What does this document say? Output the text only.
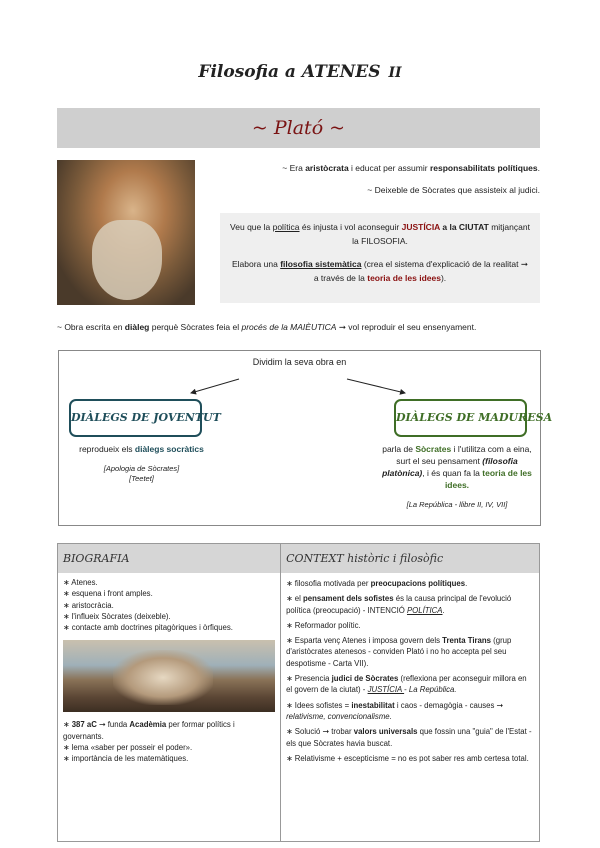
Filosofia a ATENES II
~ Plató ~
~ Era aristòcrata i educat per assumir responsabilitats polítiques.
~ Deixeble de Sòcrates que assisteix al judici.

Veu que la política és injusta i vol aconseguir JUSTÍCIA a la CIUTAT mitjançant la FILOSOFIA.

Elabora una filosofia sistemàtica (crea el sistema d'explicació de la realitat ➞ a través de la teoria de les idees).

~ Obra escrita en diàleg perquè Sòcrates feia el procés de la MAIÈUTICA ➞ vol reproduir el seu ensenyament.
Dividim la seva obra en
DIÀLEGS DE JOVENTUT	DIÀLEGS DE MADURESA
reprodueix els diàlegs socràtics
[Apologia de Sòcrates]
[Teetet]
parla de Sòcrates i l'utilitza com a eina, surt el seu pensament (filosofia platònica), i és quan fa la teoria de les idees.
[La República - llibre II, IV, VII]
BIOGRAFIA
∗ Atenes.
∗ esquena i front amples.
∗ aristocràcia.
∗ l'influeix Sòcrates (deixeble).
∗ contacte amb doctrines pitagòriques i òrfiques.
∗ 387 aC ➞ funda Acadèmia per formar polítics i governants.
∗ lema «saber per posseir el poder».
∗ importància de les matemàtiques.
CONTEXT històric i filosòfic
∗ filosofia motivada per preocupacions polítiques.
∗ el pensament dels sofistes és la causa principal de l'evolució política (preocupació) - INTENCIÓ POLÍTICA.
∗ Reformador polític.
∗ Esparta venç Atenes i imposa govern dels Trenta Tirans (grup d'aristòcrates atenesos - conviden Plató i no ho accepta pel seu despotisme - Carta VII).
∗ Presencia judici de Sòcrates (reflexiona per aconseguir millora en el govern de la ciutat) - JUSTÍCIA - La República.
∗ Idees sofistes = inestabilitat i caos - demagògia - causes ➞ relativisme, convencionalisme.
∗ Solució ➞ trobar valors universals que fossin una "guia" de l'Estat - els que Sòcrates havia buscat.
∗ Relativisme + escepticisme = no es pot saber res amb certesa total.
